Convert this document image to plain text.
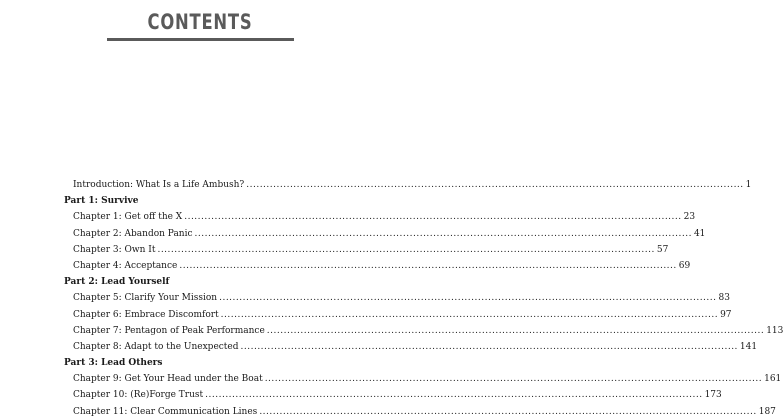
CONTENTS
Introduction: What Is a Life Ambush? .....	1
Part 1: Survive
Chapter 1: Get off the X .....	23
Chapter 2: Abandon Panic .....	41
Chapter 3: Own It .....	57
Chapter 4: Acceptance .....	69
Part 2: Lead Yourself
Chapter 5: Clarify Your Mission .....	83
Chapter 6: Embrace Discomfort .....	97
Chapter 7: Pentagon of Peak Performance .....	113
Chapter 8: Adapt to the Unexpected .....	141
Part 3: Lead Others
Chapter 9: Get Your Head under the Boat .....	161
Chapter 10: (Re)Forge Trust .....	173
Chapter 11: Clear Communication Lines .....	187
